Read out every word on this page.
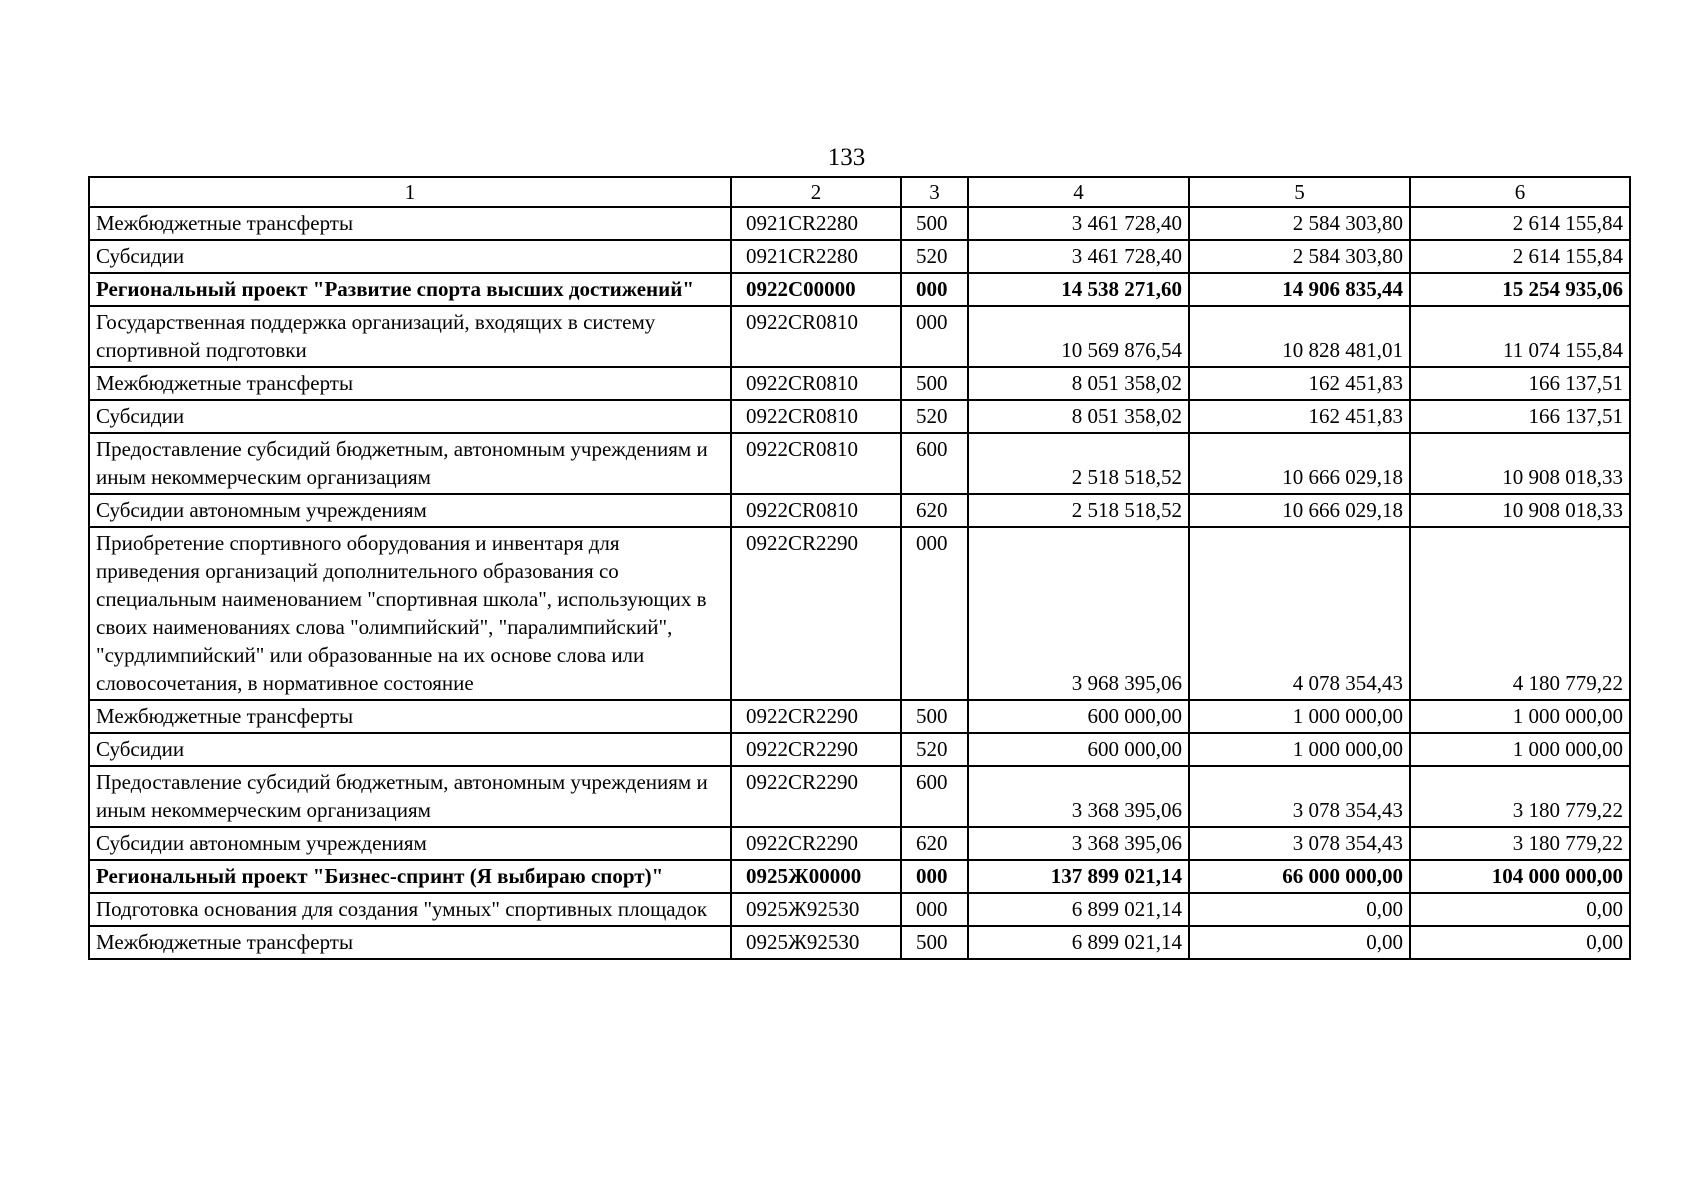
133
1	2	3	4	5	6
Межбюджетные трансферты	0921CR2280	500	3 461 728,40	2 584 303,80	2 614 155,84
Субсидии	0921CR2280	520	3 461 728,40	2 584 303,80	2 614 155,84
Региональный проект "Развитие спорта высших достижений"	0922С00000	000	14 538 271,60	14 906 835,44	15 254 935,06
Государственная поддержка организаций, входящих в систему спортивной подготовки	0922CR0810	000	10 569 876,54	10 828 481,01	11 074 155,84
Межбюджетные трансферты	0922CR0810	500	8 051 358,02	162 451,83	166 137,51
Субсидии	0922CR0810	520	8 051 358,02	162 451,83	166 137,51
Предоставление субсидий бюджетным, автономным учреждениям и иным некоммерческим организациям	0922CR0810	600	2 518 518,52	10 666 029,18	10 908 018,33
Субсидии автономным учреждениям	0922CR0810	620	2 518 518,52	10 666 029,18	10 908 018,33
Приобретение спортивного оборудования и инвентаря для приведения организаций дополнительного образования со специальным наименованием "спортивная школа", использующих в своих наименованиях слова "олимпийский", "паралимпийский", "сурдлимпийский" или образованные на их основе слова или словосочетания, в нормативное состояние	0922CR2290	000	3 968 395,06	4 078 354,43	4 180 779,22
Межбюджетные трансферты	0922CR2290	500	600 000,00	1 000 000,00	1 000 000,00
Субсидии	0922CR2290	520	600 000,00	1 000 000,00	1 000 000,00
Предоставление субсидий бюджетным, автономным учреждениям и иным некоммерческим организациям	0922CR2290	600	3 368 395,06	3 078 354,43	3 180 779,22
Субсидии автономным учреждениям	0922CR2290	620	3 368 395,06	3 078 354,43	3 180 779,22
Региональный проект "Бизнес-спринт (Я выбираю спорт)"	0925Ж00000	000	137 899 021,14	66 000 000,00	104 000 000,00
Подготовка основания для создания "умных" спортивных площадок	0925Ж92530	000	6 899 021,14	0,00	0,00
Межбюджетные трансферты	0925Ж92530	500	6 899 021,14	0,00	0,00
